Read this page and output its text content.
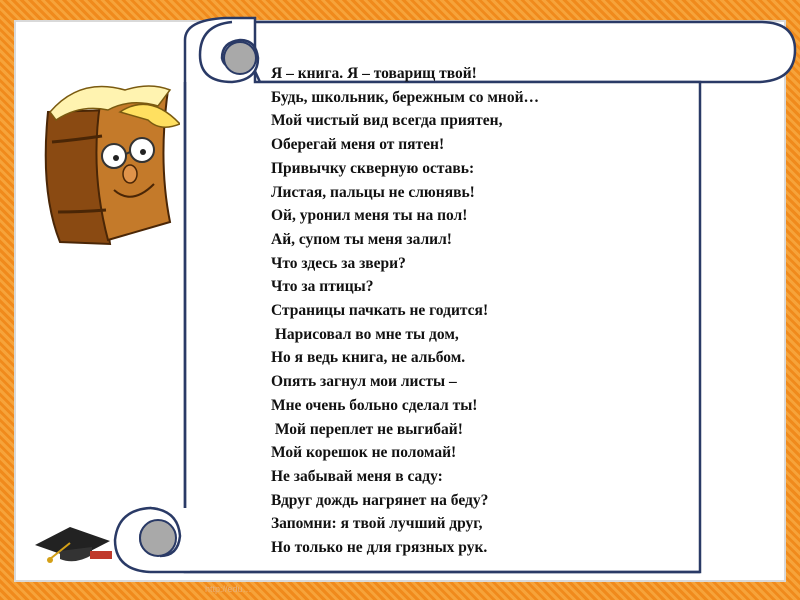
Я – книга. Я – товарищ твой!
Будь, школьник, бережным со мной…
Мой чистый вид всегда приятен,
Оберегай меня от пятен!
Привычку скверную оставь:
Листая, пальцы не слюнявь!
Ой, уронил меня ты на пол!
Ай, супом ты меня залил!
Что здесь за звери?
Что за птицы?
Страницы пачкать не годится!
Нарисовал во мне ты дом,
Но я ведь книга, не альбом.
Опять загнул мои листы –
Мне очень больно сделал ты!
Мой переплет не выгибай!
Мой корешок не поломай!
Не забывай меня в саду:
Вдруг дождь нагрянет на беду?
Запомни: я твой лучший друг,
Но только не для грязных рук.
http://edu…
